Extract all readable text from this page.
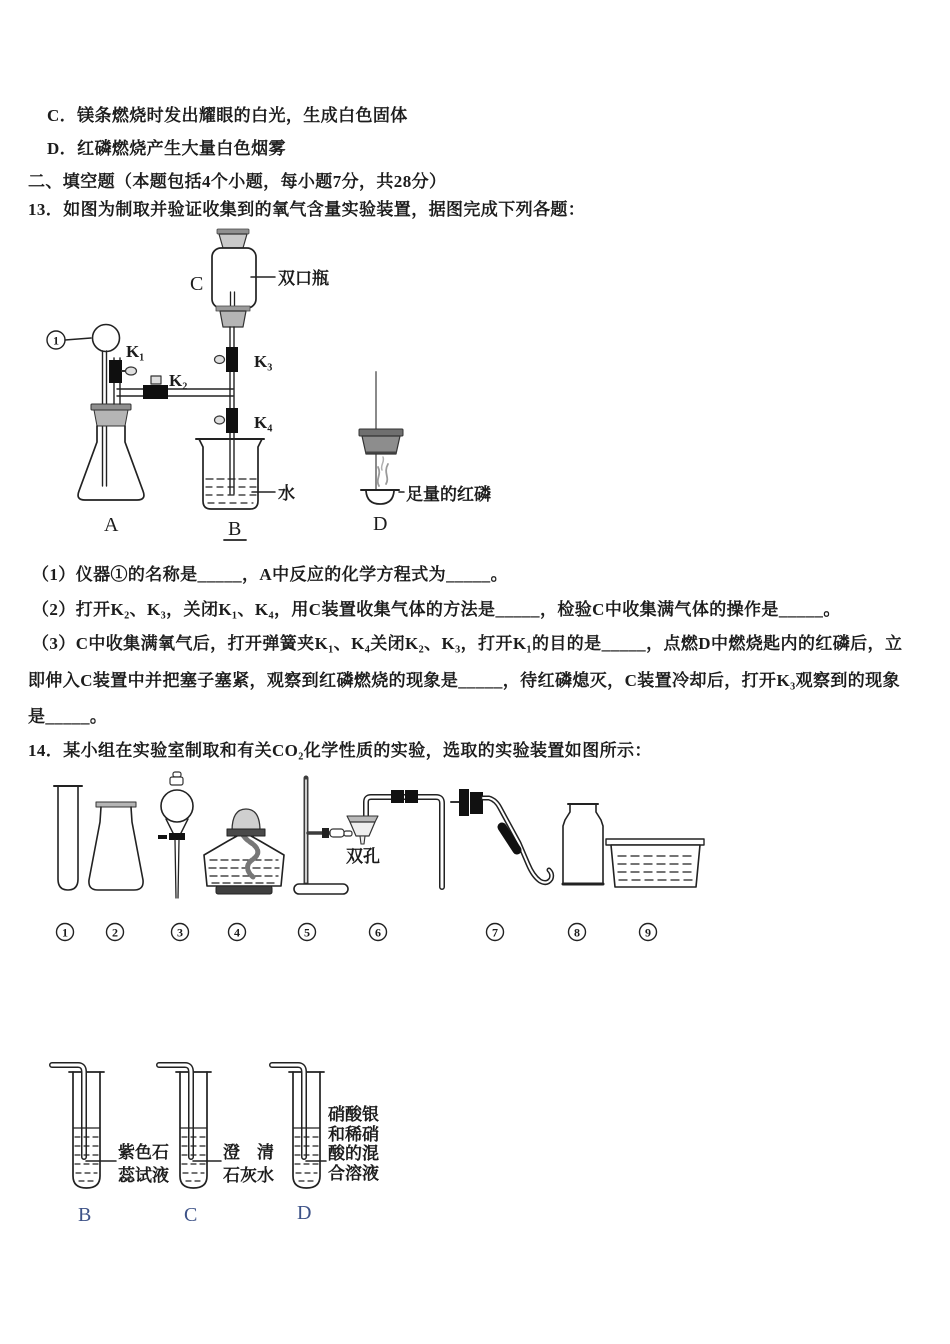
1
K₁
K₂
C	双口瓶
K₃
K₄
水	足量的红磷
A	B	D
双孔
1	2	3	4	5	6	7	8	9
紫色石
蕊试液
B
澄　清
石灰水
C
硝酸银
和稀硝
酸的混
合溶液
D
C．镁条燃烧时发出耀眼的白光，生成白色固体
D．红磷燃烧产生大量白色烟雾
二、填空题（本题包括4个小题，每小题7分，共28分）
13．如图为制取并验证收集到的氧气含量实验装置，据图完成下列各题：
（1）仪器①的名称是_____，A中反应的化学方程式为_____。
（2）打开K₂、K₃，关闭K₁、K₄，用C装置收集气体的方法是_____，检验C中收集满气体的操作是_____。
（3）C中收集满氧气后，打开弹簧夹K₁、K₄关闭K₂、K₃，打开K₁的目的是_____，点燃D中燃烧匙内的红磷后，立
即伸入C装置中并把塞子塞紧，观察到红磷燃烧的现象是_____，待红磷熄灭，C装置冷却后，打开K₃观察到的现象
是_____。
14．某小组在实验室制取和有关CO₂化学性质的实验，选取的实验装置如图所示：
